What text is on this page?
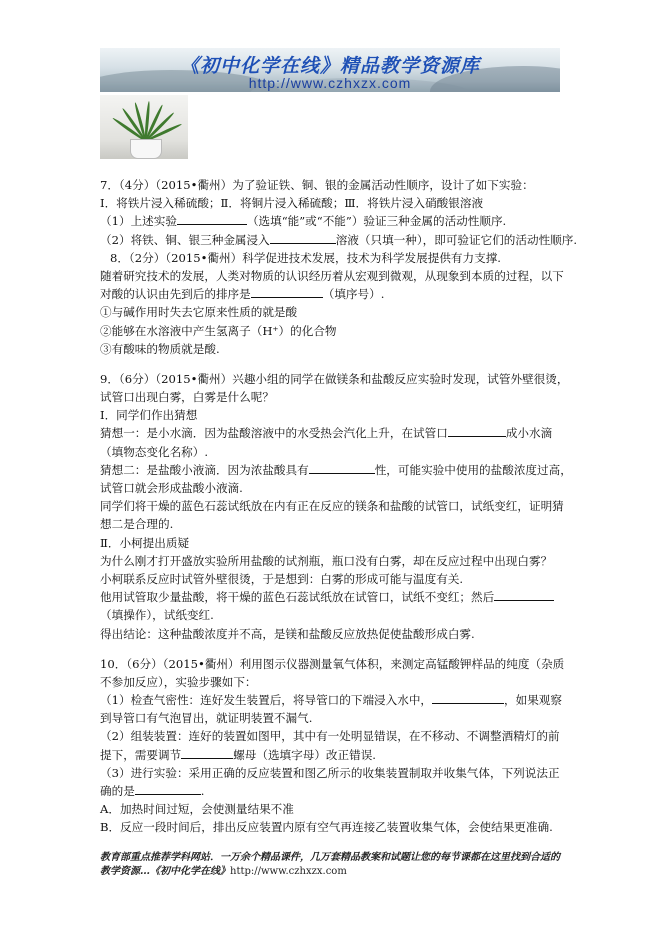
《初中化学在线》精品教学资源库
http://www.czhxzx.com
7．（4分）（2015•衢州）为了验证铁、铜、银的金属活动性顺序，设计了如下实验：
Ⅰ．将铁片浸入稀硫酸；Ⅱ．将铜片浸入稀硫酸；Ⅲ．将铁片浸入硝酸银溶液
（1）上述实验	（选填“能”或“不能”）验证三种金属的活动性顺序.
（2）将铁、铜、银三种金属浸入	溶液（只填一种），即可验证它们的活动性顺序.
8．（2分）（2015•衢州）科学促进技术发展，技术为科学发展提供有力支撑.
随着研究技术的发展，人类对物质的认识经历着从宏观到微观，从现象到本质的过程，以下
对酸的认识由先到后的排序是	（填序号）.
①与碱作用时失去它原来性质的就是酸
②能够在水溶液中产生氢离子（H⁺）的化合物
③有酸味的物质就是酸.
9．（6分）（2015•衢州）兴趣小组的同学在做镁条和盐酸反应实验时发现，试管外壁很烫，
试管口出现白雾，白雾是什么呢？
Ⅰ．同学们作出猜想
猜想一：是小水滴．因为盐酸溶液中的水受热会汽化上升，在试管口	成小水滴
（填物态变化名称）.
猜想二：是盐酸小液滴．因为浓盐酸具有	性，可能实验中使用的盐酸浓度过高，
试管口就会形成盐酸小液滴.
同学们将干燥的蓝色石蕊试纸放在内有正在反应的镁条和盐酸的试管口，试纸变红，证明猜
想二是合理的.
Ⅱ．小柯提出质疑
为什么刚才打开盛放实验所用盐酸的试剂瓶，瓶口没有白雾，却在反应过程中出现白雾？
小柯联系反应时试管外壁很烫，于是想到：白雾的形成可能与温度有关.
他用试管取少量盐酸，将干燥的蓝色石蕊试纸放在试管口，试纸不变红；然后
（填操作），试纸变红.
得出结论：这种盐酸浓度并不高，是镁和盐酸反应放热促使盐酸形成白雾.
10．（6分）（2015•衢州）利用图示仪器测量氧气体积，来测定高锰酸钾样品的纯度（杂质
不参加反应），实验步骤如下：
（1）检查气密性：连好发生装置后，将导管口的下端浸入水中，	，如果观察
到导管口有气泡冒出，就证明装置不漏气.
（2）组装装置：连好的装置如图甲，其中有一处明显错误，在不移动、不调整酒精灯的前
提下，需要调节	螺母（选填字母）改正错误.
（3）进行实验：采用正确的反应装置和图乙所示的收集装置制取并收集气体，下列说法正
确的是	.
A．加热时间过短，会使测量结果不准
B．反应一段时间后，排出反应装置内原有空气再连接乙装置收集气体，会使结果更准确.
教育部重点推荐学科网站．一万余个精品课件，几万套精品教案和试题让您的每节课都在这里找到合适的
教学资源…《初中化学在线》http://www.czhxzx.com
